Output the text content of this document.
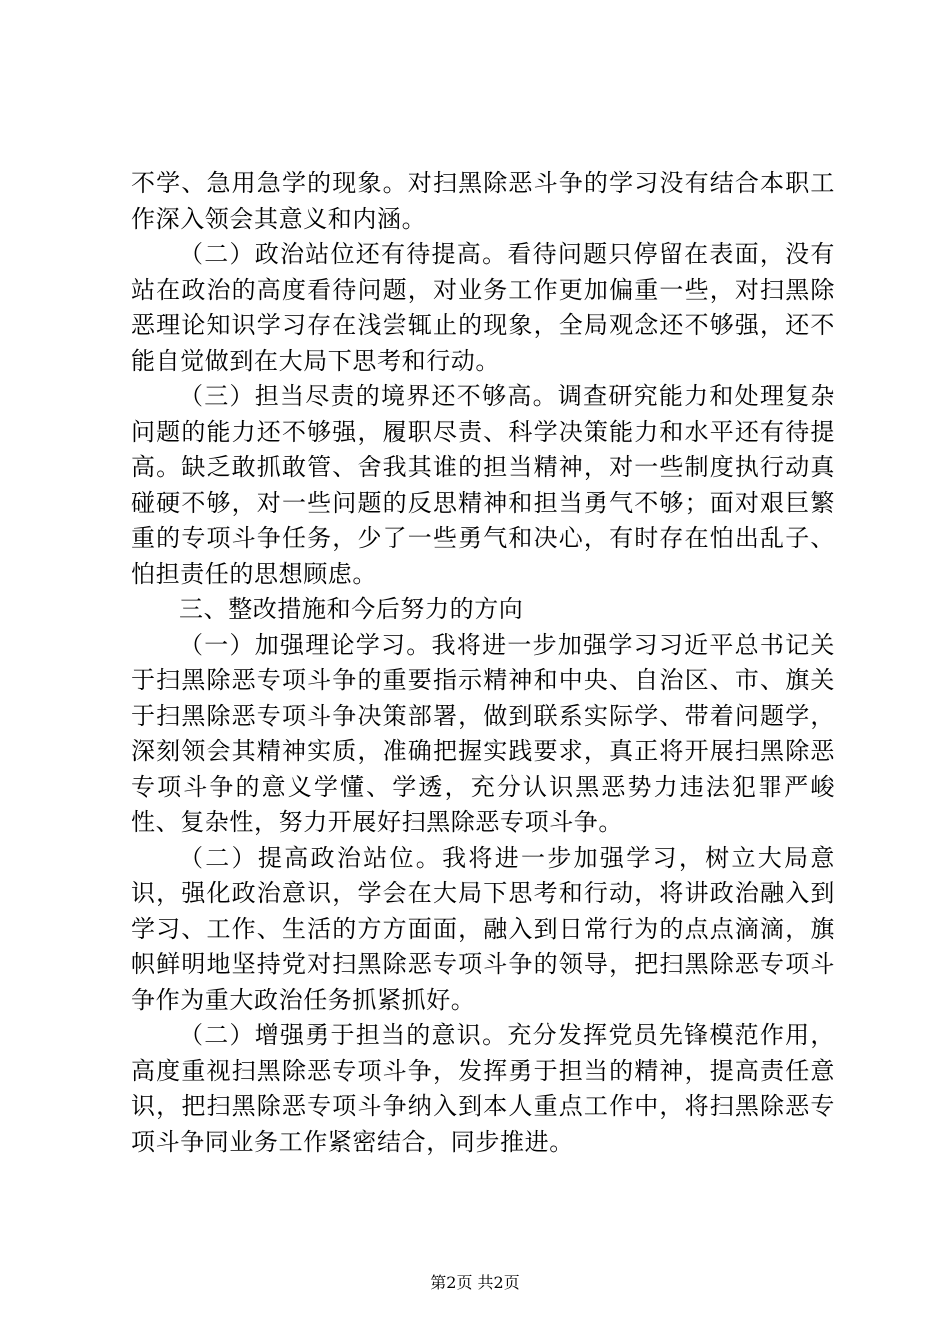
不学、急用急学的现象。对扫黑除恶斗争的学习没有结合本职工作深入领会其意义和内涵。

（二）政治站位还有待提高。看待问题只停留在表面，没有站在政治的高度看待问题，对业务工作更加偏重一些，对扫黑除恶理论知识学习存在浅尝辄止的现象，全局观念还不够强，还不能自觉做到在大局下思考和行动。

（三）担当尽责的境界还不够高。调查研究能力和处理复杂问题的能力还不够强，履职尽责、科学决策能力和水平还有待提高。缺乏敢抓敢管、舍我其谁的担当精神，对一些制度执行动真碰硬不够，对一些问题的反思精神和担当勇气不够；面对艰巨繁重的专项斗争任务，少了一些勇气和决心，有时存在怕出乱子、怕担责任的思想顾虑。

三、整改措施和今后努力的方向

（一）加强理论学习。我将进一步加强学习习近平总书记关于扫黑除恶专项斗争的重要指示精神和中央、自治区、市、旗关于扫黑除恶专项斗争决策部署，做到联系实际学、带着问题学，深刻领会其精神实质，准确把握实践要求，真正将开展扫黑除恶专项斗争的意义学懂、学透，充分认识黑恶势力违法犯罪严峻性、复杂性，努力开展好扫黑除恶专项斗争。

（二）提高政治站位。我将进一步加强学习，树立大局意识，强化政治意识，学会在大局下思考和行动，将讲政治融入到学习、工作、生活的方方面面，融入到日常行为的点点滴滴，旗帜鲜明地坚持党对扫黑除恶专项斗争的领导，把扫黑除恶专项斗争作为重大政治任务抓紧抓好。

（二）增强勇于担当的意识。充分发挥党员先锋模范作用，高度重视扫黑除恶专项斗争，发挥勇于担当的精神，提高责任意识，把扫黑除恶专项斗争纳入到本人重点工作中，将扫黑除恶专项斗争同业务工作紧密结合，同步推进。

第2页 共2页
